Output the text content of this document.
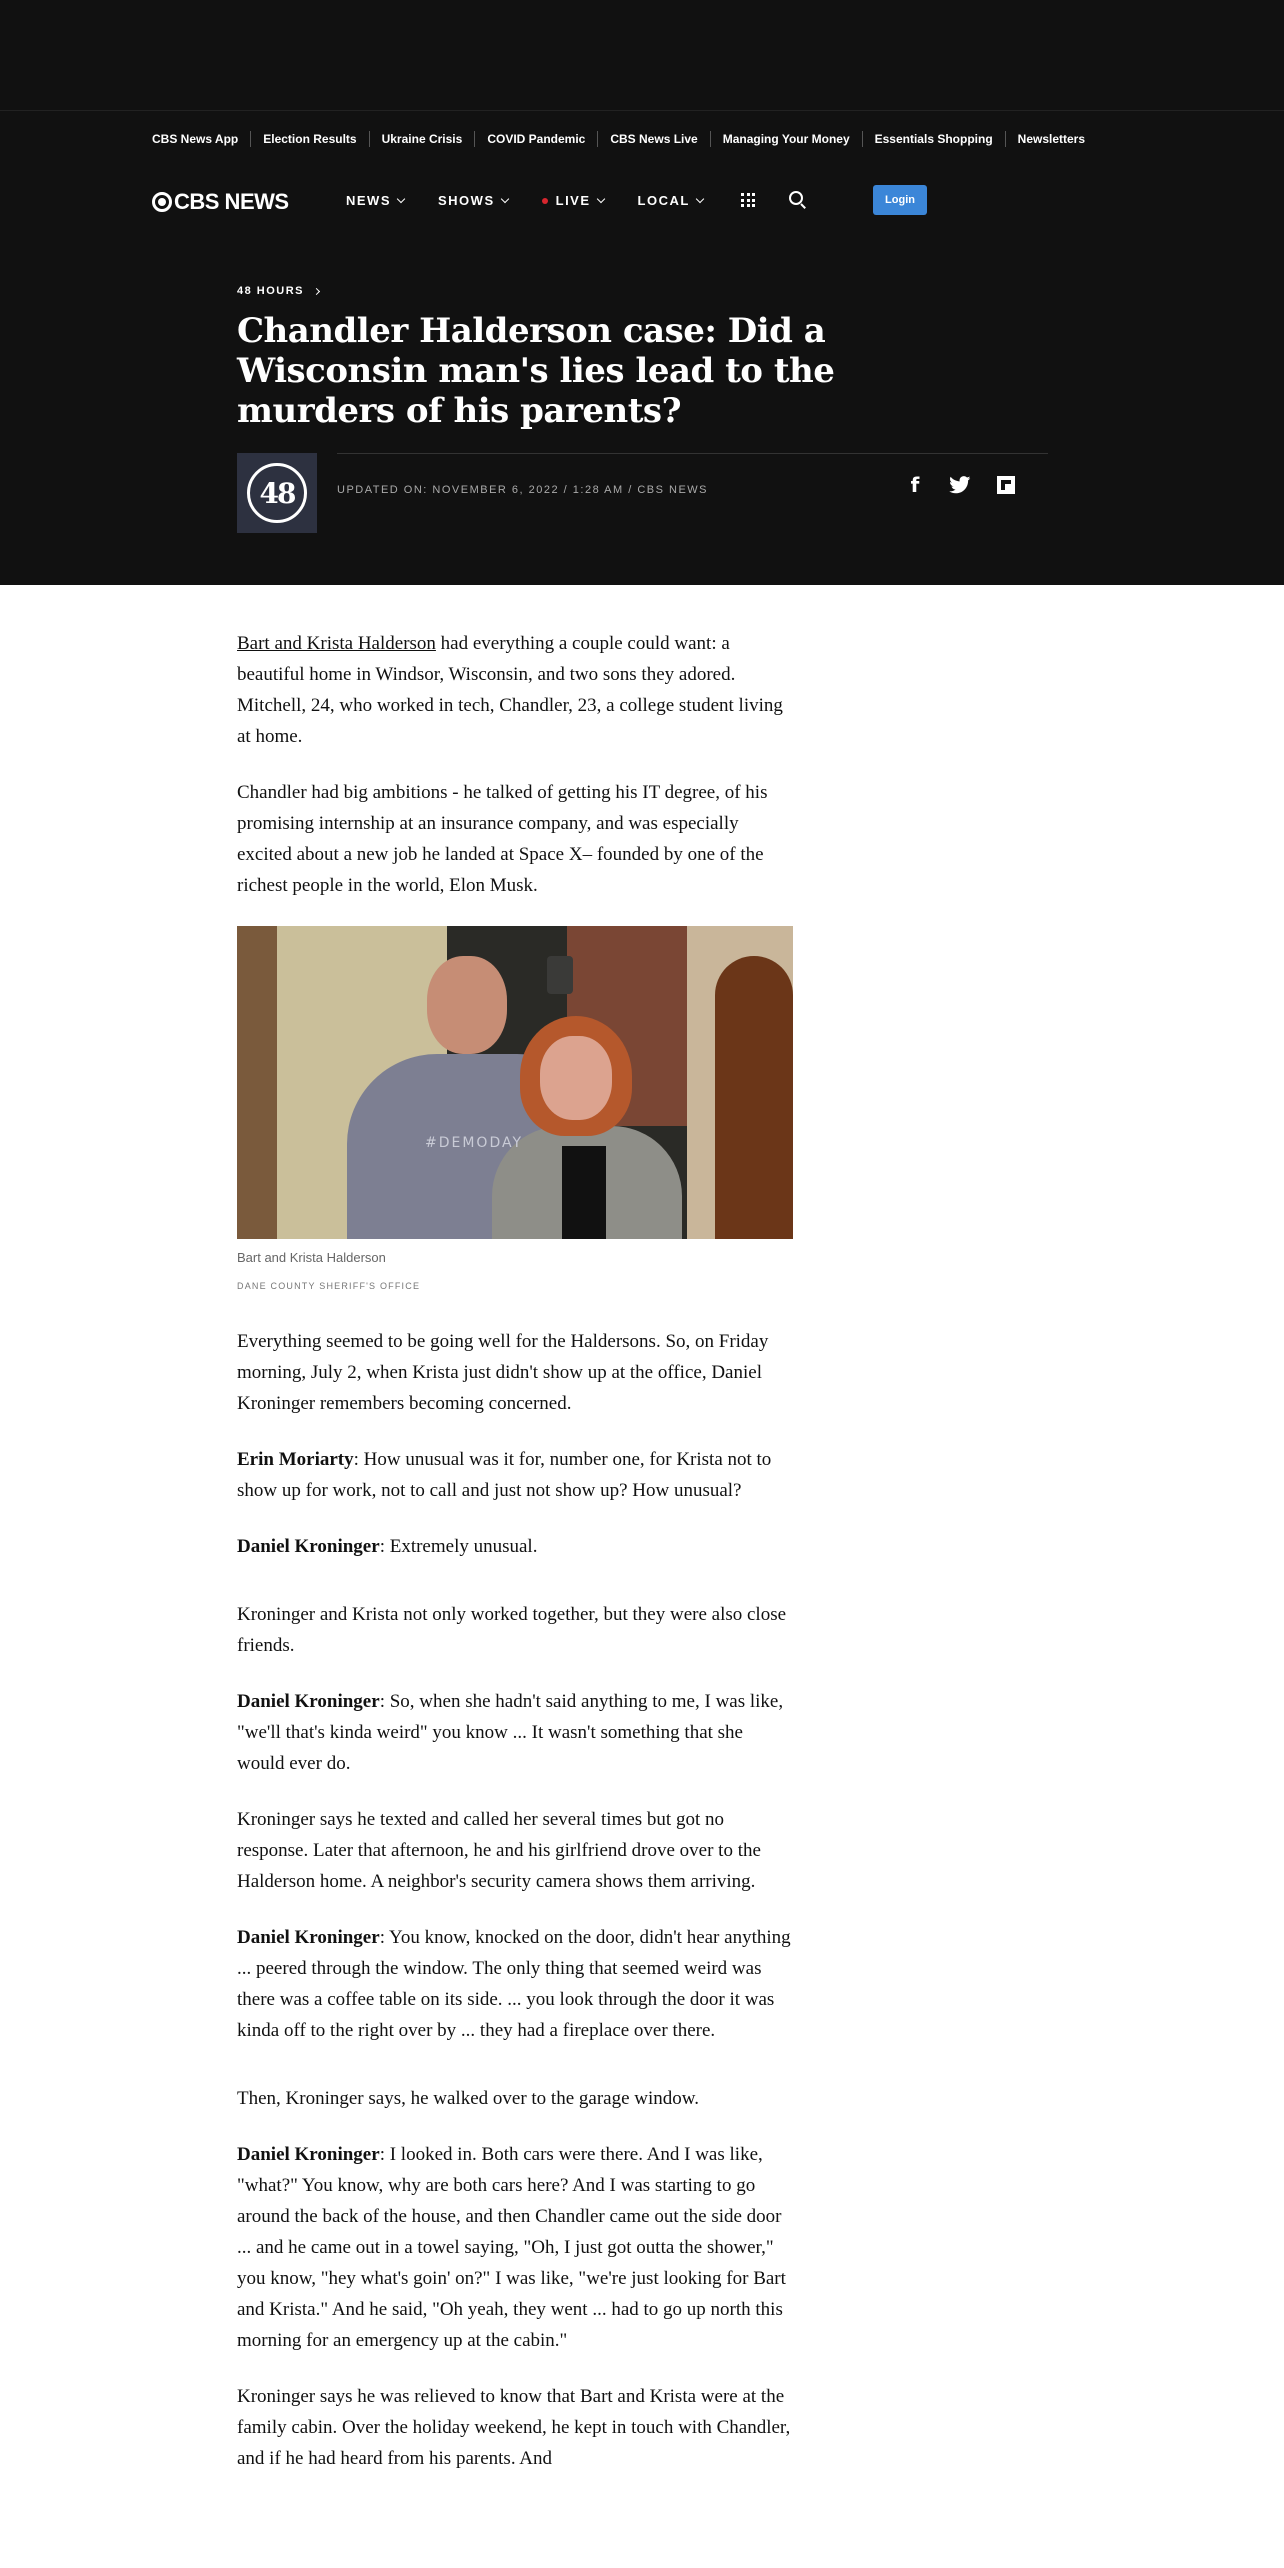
CBS News App	Election Results	Ukraine Crisis	COVID Pandemic	CBS News Live	Managing Your Money	Essentials Shopping	Newsletters
CBS NEWS	NEWS	SHOWS	LIVE	LOCAL	Login
48 HOURS
Chandler Halderson case: Did a Wisconsin man's lies lead to the murders of his parents?
48	UPDATED ON: NOVEMBER 6, 2022 / 1:28 AM / CBS NEWS	f

Bart and Krista Halderson had everything a couple could want: a beautiful home in Windsor, Wisconsin, and two sons they adored. Mitchell, 24, who worked in tech, Chandler, 23, a college student living at home.

Chandler had big ambitions - he talked of getting his IT degree, of his promising internship at an insurance company, and was especially excited about a new job he landed at Space X– founded by one of the richest people in the world, Elon Musk.

#DEMODAY
Bart and Krista Halderson
DANE COUNTY SHERIFF'S OFFICE

Everything seemed to be going well for the Haldersons. So, on Friday morning, July 2, when Krista just didn't show up at the office, Daniel Kroninger remembers becoming concerned.

Erin Moriarty: How unusual was it for, number one, for Krista not to show up for work, not to call and just not show up? How unusual?

Daniel Kroninger: Extremely unusual.

Kroninger and Krista not only worked together, but they were also close friends.

Daniel Kroninger: So, when she hadn't said anything to me, I was like, "we'll that's kinda weird" you know ... It wasn't something that she would ever do.

Kroninger says he texted and called her several times but got no response. Later that afternoon, he and his girlfriend drove over to the Halderson home. A neighbor's security camera shows them arriving.

Daniel Kroninger: You know, knocked on the door, didn't hear anything ... peered through the window. The only thing that seemed weird was there was a coffee table on its side. ... you look through the door it was kinda off to the right over by ... they had a fireplace over there.

Then, Kroninger says, he walked over to the garage window.

Daniel Kroninger: I looked in. Both cars were there. And I was like, "what?" You know, why are both cars here? And I was starting to go around the back of the house, and then Chandler came out the side door ... and he came out in a towel saying, "Oh, I just got outta the shower," you know, "hey what's goin' on?" I was like, "we're just looking for Bart and Krista." And he said, "Oh yeah, they went ... had to go up north this morning for an emergency up at the cabin."

Kroninger says he was relieved to know that Bart and Krista were at the family cabin. Over the holiday weekend, he kept in touch with Chandler, and if he had heard from his parents. And
